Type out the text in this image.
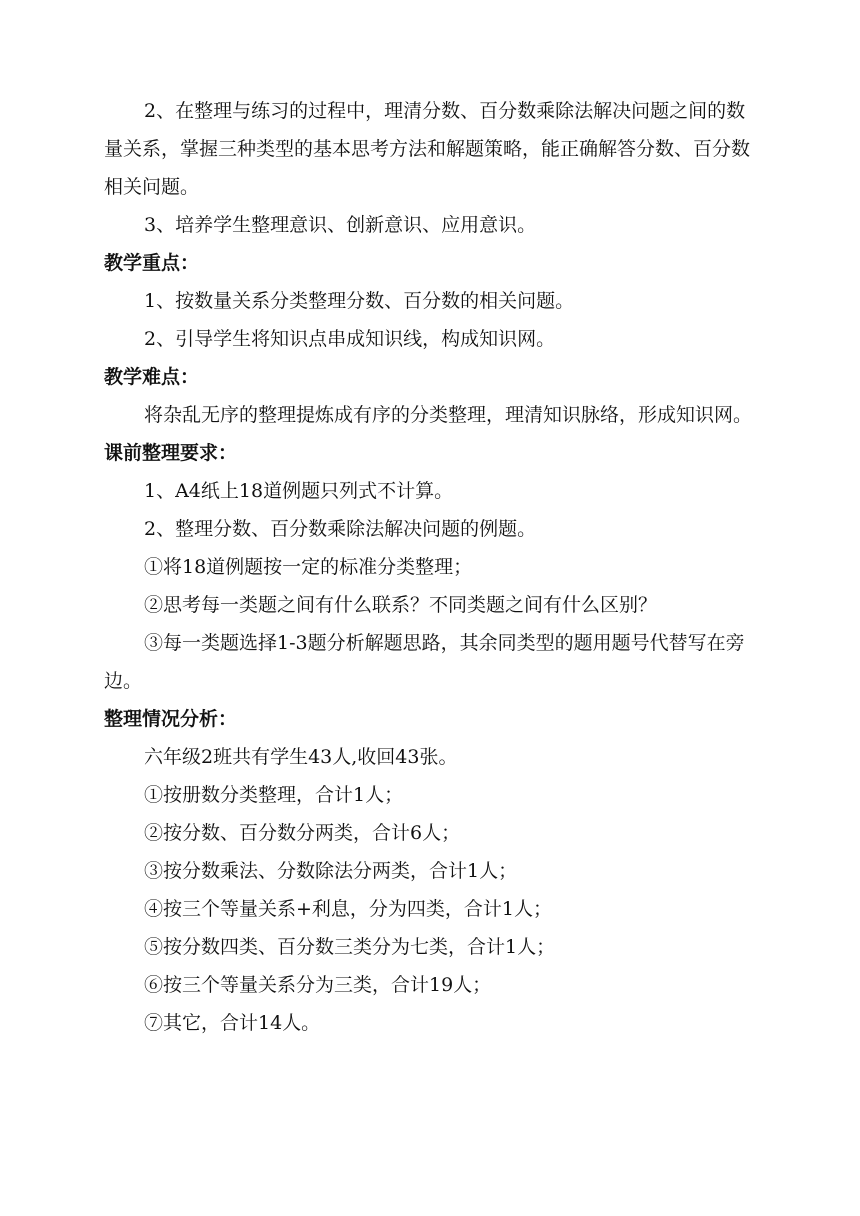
2、在整理与练习的过程中，理清分数、百分数乘除法解决问题之间的数量关系，掌握三种类型的基本思考方法和解题策略，能正确解答分数、百分数相关问题。

3、培养学生整理意识、创新意识、应用意识。

教学重点：

1、按数量关系分类整理分数、百分数的相关问题。

2、引导学生将知识点串成知识线，构成知识网。

教学难点：

将杂乱无序的整理提炼成有序的分类整理，理清知识脉络，形成知识网。

课前整理要求：

1、A4纸上18道例题只列式不计算。

2、整理分数、百分数乘除法解决问题的例题。

①将18道例题按一定的标准分类整理；

②思考每一类题之间有什么联系？不同类题之间有什么区别？

③每一类题选择1-3题分析解题思路，其余同类型的题用题号代替写在旁边。

整理情况分析：

六年级2班共有学生43人,收回43张。

①按册数分类整理，合计1人；

②按分数、百分数分两类，合计6人；

③按分数乘法、分数除法分两类，合计1人；

④按三个等量关系+利息，分为四类，合计1人；

⑤按分数四类、百分数三类分为七类，合计1人；

⑥按三个等量关系分为三类，合计19人；

⑦其它，合计14人。
